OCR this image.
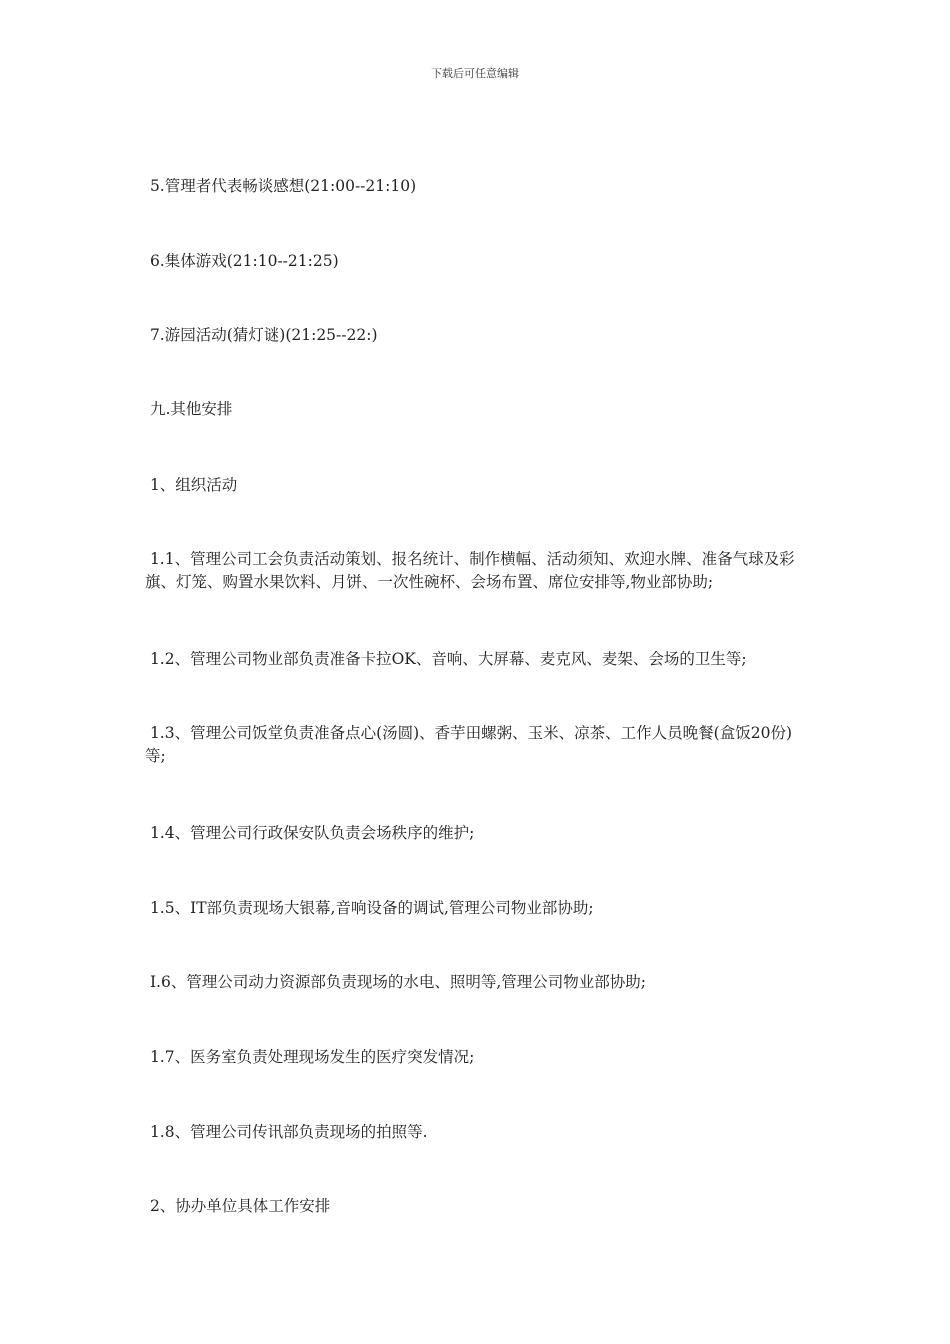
下载后可任意编辑
5.管理者代表畅谈感想(21:00--21:10)
6.集体游戏(21:10--21:25)
7.游园活动(猜灯谜)(21:25--22:)
九.其他安排
1、组织活动
1.1、管理公司工会负责活动策划、报名统计、制作横幅、活动须知、欢迎水牌、准备气球及彩旗、灯笼、购置水果饮料、月饼、一次性碗杯、会场布置、席位安排等,物业部协助;
1.2、管理公司物业部负责准备卡拉OK、音响、大屏幕、麦克风、麦架、会场的卫生等;
1.3、管理公司饭堂负责准备点心(汤圆)、香芋田螺粥、玉米、凉茶、工作人员晚餐(盒饭20份)等;
1.4、管理公司行政保安队负责会场秩序的维护;
1.5、IT部负责现场大银幕,音响设备的调试,管理公司物业部协助;
I.6、管理公司动力资源部负责现场的水电、照明等,管理公司物业部协助;
1.7、医务室负责处理现场发生的医疗突发情况;
1.8、管理公司传讯部负责现场的拍照等.
2、协办单位具体工作安排
